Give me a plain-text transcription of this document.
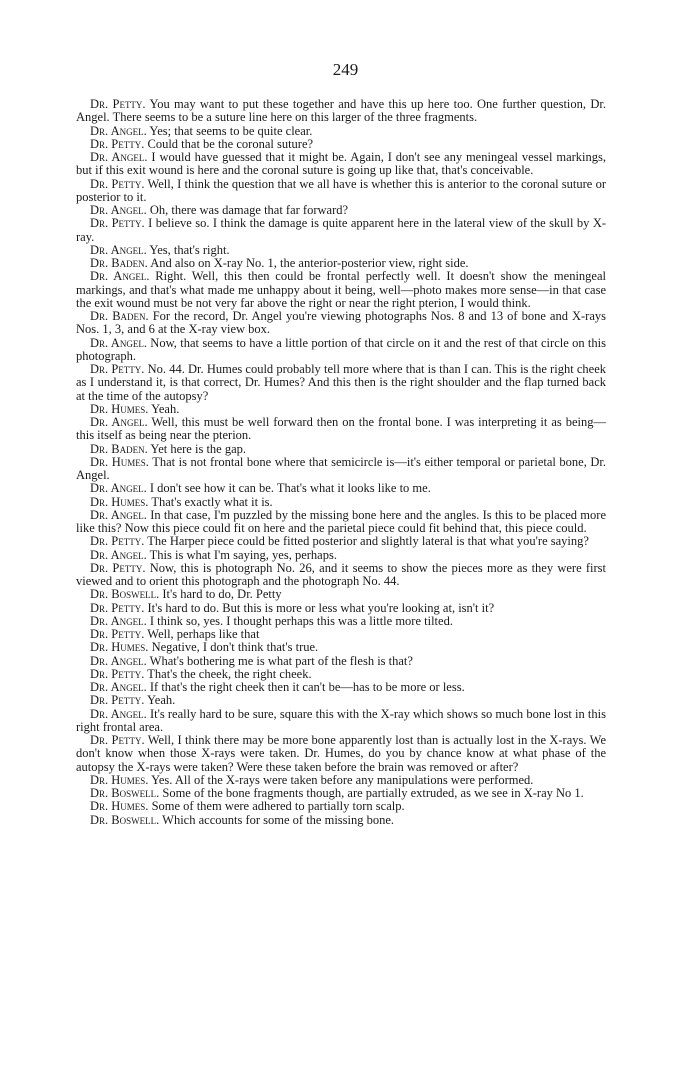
249

Dr. Petty. You may want to put these together and have this up here too. One further question, Dr. Angel. There seems to be a suture line here on this larger of the three fragments.

Dr. Angel. Yes; that seems to be quite clear.

Dr. Petty. Could that be the coronal suture?

Dr. Angel. I would have guessed that it might be. Again, I don't see any meningeal vessel markings, but if this exit wound is here and the coronal suture is going up like that, that's conceivable.

Dr. Petty. Well, I think the question that we all have is whether this is anterior to the coronal suture or posterior to it.

Dr. Angel. Oh, there was damage that far forward?

Dr. Petty. I believe so. I think the damage is quite apparent here in the lateral view of the skull by X-ray.

Dr. Angel. Yes, that's right.

Dr. Baden. And also on X-ray No. 1, the anterior-posterior view, right side.

Dr. Angel. Right. Well, this then could be frontal perfectly well. It doesn't show the meningeal markings, and that's what made me unhappy about it being, well—photo makes more sense—in that case the exit wound must be not very far above the right or near the right pterion, I would think.

Dr. Baden. For the record, Dr. Angel you're viewing photographs Nos. 8 and 13 of bone and X-rays Nos. 1, 3, and 6 at the X-ray view box.

Dr. Angel. Now, that seems to have a little portion of that circle on it and the rest of that circle on this photograph.

Dr. Petty. No. 44. Dr. Humes could probably tell more where that is than I can. This is the right cheek as I understand it, is that correct, Dr. Humes? And this then is the right shoulder and the flap turned back at the time of the autopsy?

Dr. Humes. Yeah.

Dr. Angel. Well, this must be well forward then on the frontal bone. I was interpreting it as being—this itself as being near the pterion.

Dr. Baden. Yet here is the gap.

Dr. Humes. That is not frontal bone where that semicircle is—it's either temporal or parietal bone, Dr. Angel.

Dr. Angel. I don't see how it can be. That's what it looks like to me.

Dr. Humes. That's exactly what it is.

Dr. Angel. In that case, I'm puzzled by the missing bone here and the angles. Is this to be placed more like this? Now this piece could fit on here and the parietal piece could fit behind that, this piece could.

Dr. Petty. The Harper piece could be fitted posterior and slightly lateral is that what you're saying?

Dr. Angel. This is what I'm saying, yes, perhaps.

Dr. Petty. Now, this is photograph No. 26, and it seems to show the pieces more as they were first viewed and to orient this photograph and the photograph No. 44.

Dr. Boswell. It's hard to do, Dr. Petty

Dr. Petty. It's hard to do. But this is more or less what you're looking at, isn't it?

Dr. Angel. I think so, yes. I thought perhaps this was a little more tilted.

Dr. Petty. Well, perhaps like that

Dr. Humes. Negative, I don't think that's true.

Dr. Angel. What's bothering me is what part of the flesh is that?

Dr. Petty. That's the cheek, the right cheek.

Dr. Angel. If that's the right cheek then it can't be—has to be more or less.

Dr. Petty. Yeah.

Dr. Angel. It's really hard to be sure, square this with the X-ray which shows so much bone lost in this right frontal area.

Dr. Petty. Well, I think there may be more bone apparently lost than is actually lost in the X-rays. We don't know when those X-rays were taken. Dr. Humes, do you by chance know at what phase of the autopsy the X-rays were taken? Were these taken before the brain was removed or after?

Dr. Humes. Yes. All of the X-rays were taken before any manipulations were performed.

Dr. Boswell. Some of the bone fragments though, are partially extruded, as we see in X-ray No 1.

Dr. Humes. Some of them were adhered to partially torn scalp.

Dr. Boswell. Which accounts for some of the missing bone.
